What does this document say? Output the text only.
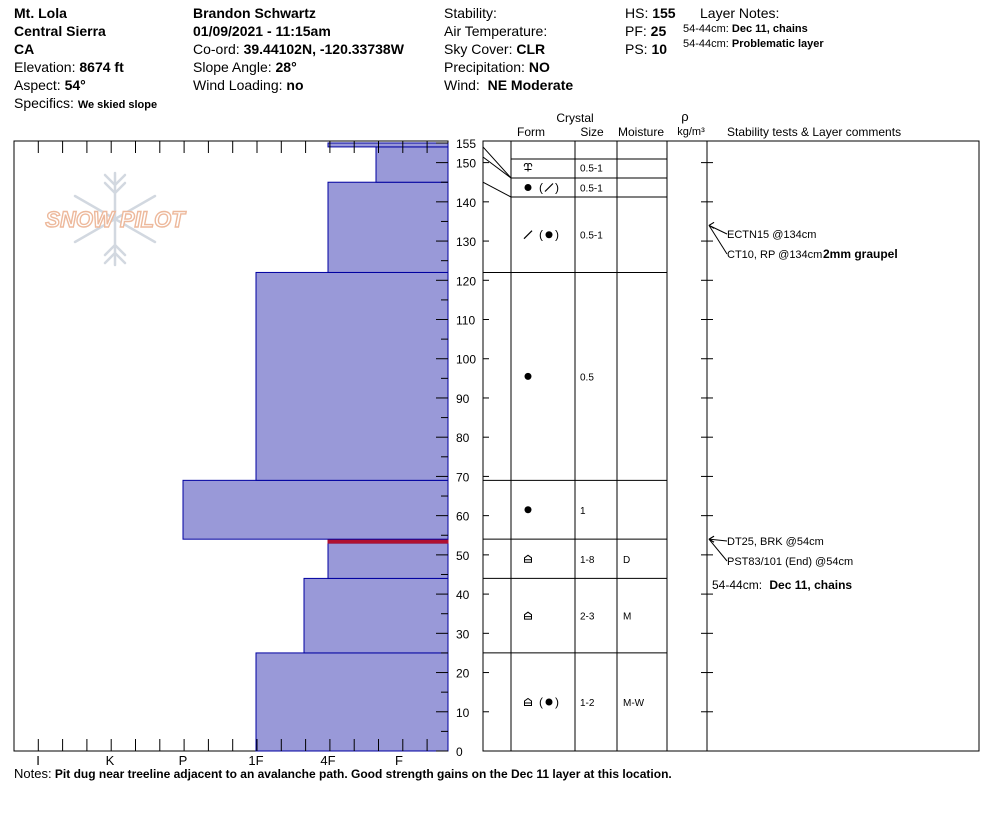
Mt. Lola
Central Sierra
CA
Elevation: 8674 ft
Aspect: 54°
Specifics: We skied slope
Brandon Schwartz
01/09/2021 - 11:15am
Co-ord: 39.44102N, -120.33738W
Slope Angle: 28°
Wind Loading: no
Stability:
Air Temperature:
Sky Cover: CLR
Precipitation: NO
Wind: NE Moderate
HS: 155
PF: 25
PS: 10
Layer Notes:
54-44cm: Dec 11, chains
54-44cm: Problematic layer
SNOW PILOT
I	K	P	1F	4F	F
0
10
20
30
40
50
60
70
80
90
100
110
120
130
140
150
155
Crystal
Form	Size Moisture
ρ
kg/m³ Stability tests & Layer comments
0.5-1
( ) 0.5-1
( ) 0.5-1
0.5
1
1-8	D
2-3	M
( ) 1-2	M-W
ECTN15 @134cm
CT10, RP @134cm 2mm graupel
DT25, BRK @54cm
PST83/101 (End) @54cm
54-44cm: Dec 11, chains
Notes: Pit dug near treeline adjacent to an avalanche path. Good strength gains on the Dec 11 layer at this location.
